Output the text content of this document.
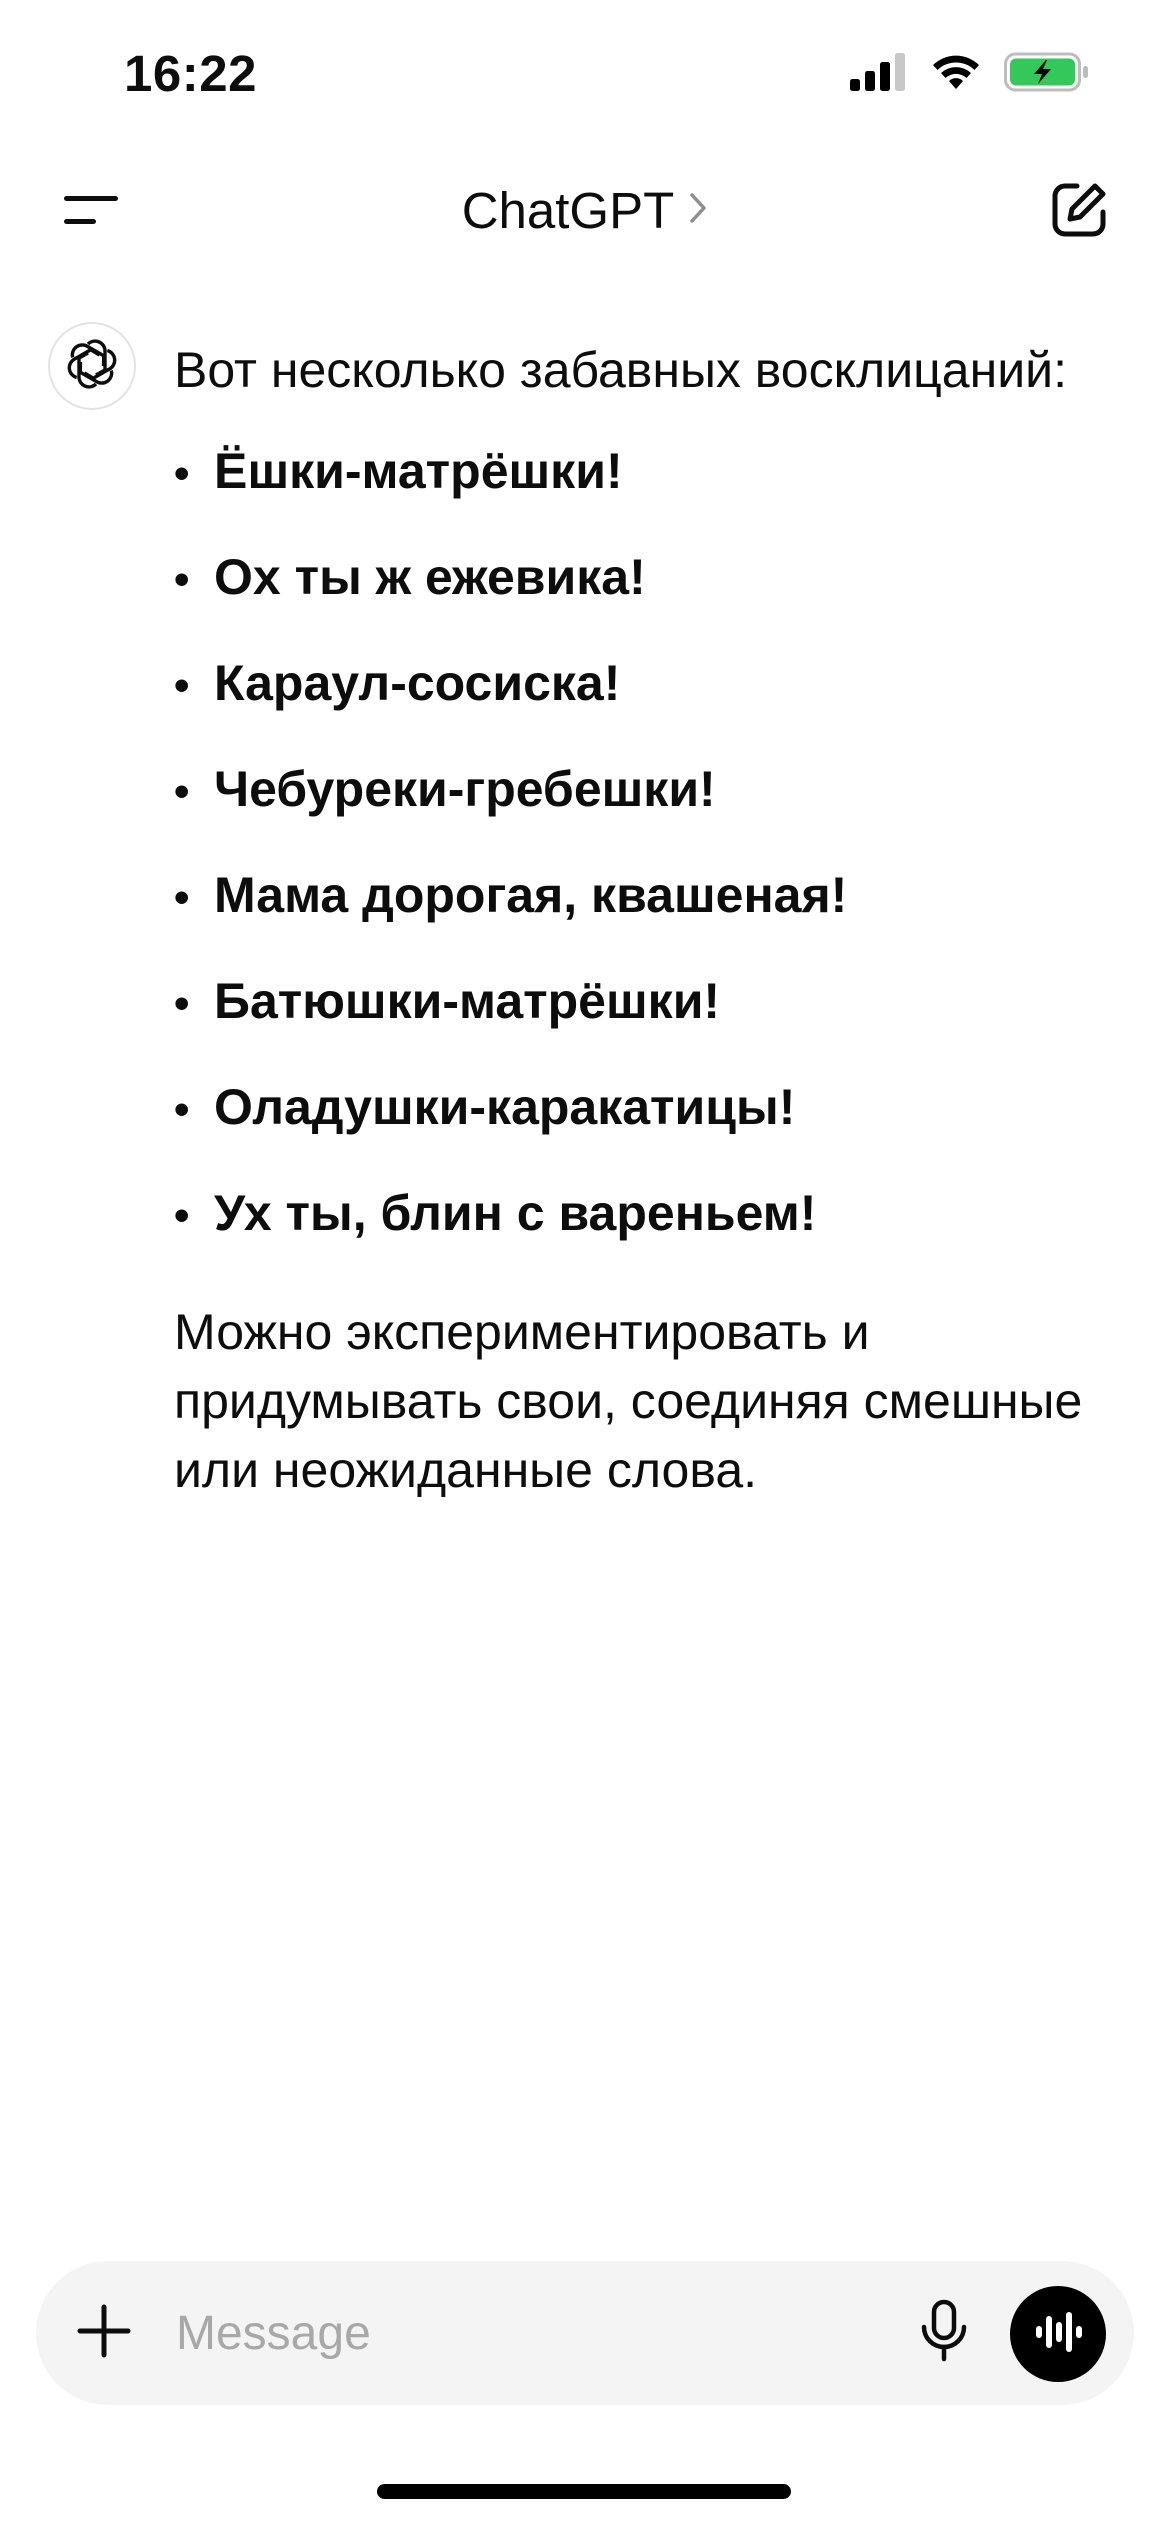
16:22
ChatGPT

Вот несколько забавных восклицаний:

• Ёшки-матрёшки!
• Ох ты ж ежевика!
• Караул-сосиска!
• Чебуреки-гребешки!
• Мама дорогая, квашеная!
• Батюшки-матрёшки!
• Оладушки-каракатицы!
• Ух ты, блин с вареньем!

Можно экспериментировать и придумывать свои, соединяя смешные или неожиданные слова.

Message
